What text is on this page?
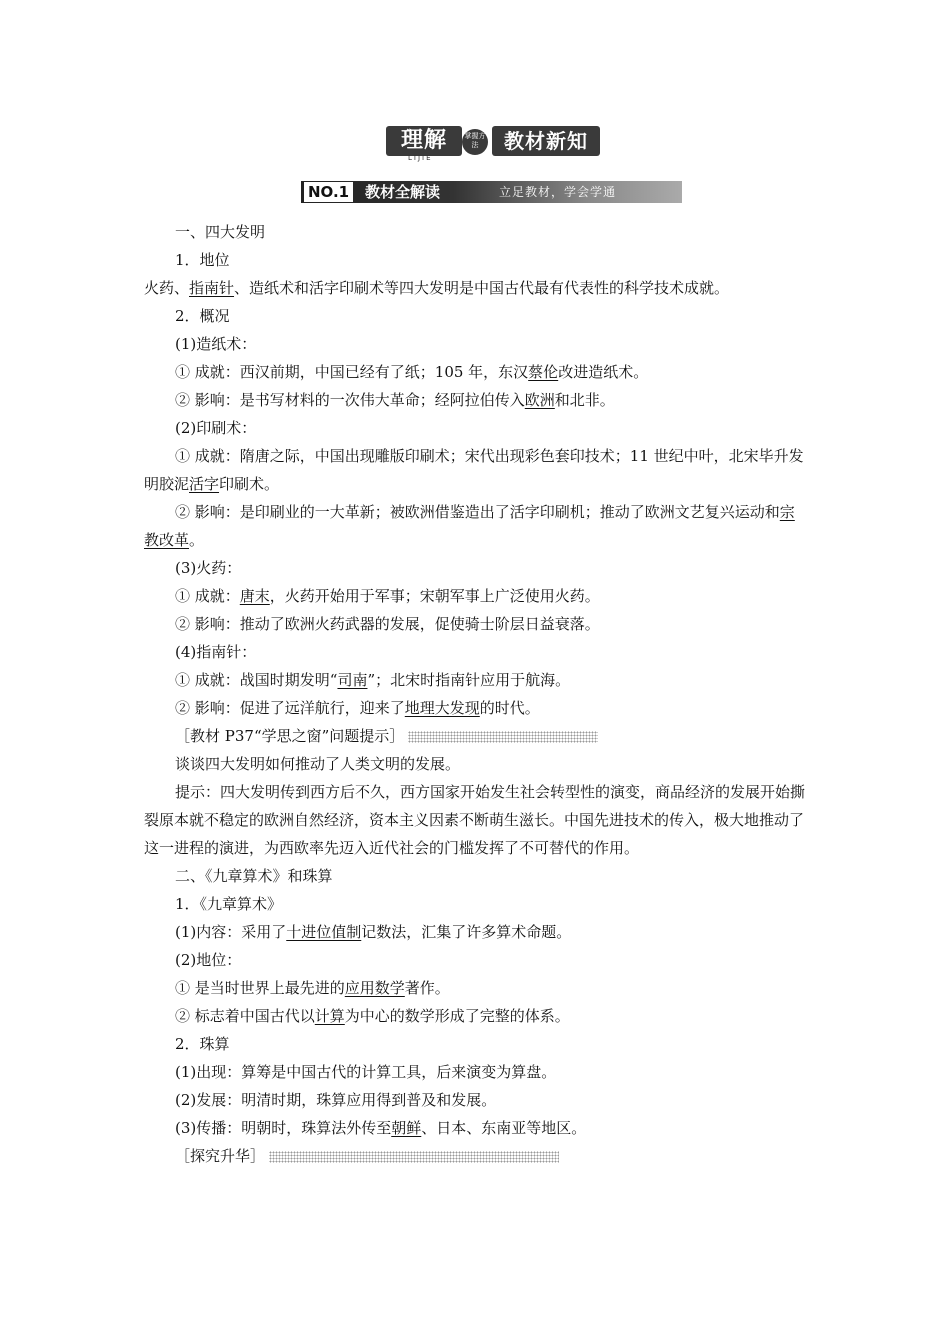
理解	掌握方法	教材新知
LIJIE
NO.1 教材全解读	立足教材，学会学通

一、四大发明

1．地位

火药、指南针、造纸术和活字印刷术等四大发明是中国古代最有代表性的科学技术成就。

2．概况

(1)造纸术：

① 成就：西汉前期，中国已经有了纸；105 年，东汉蔡伦改进造纸术。

② 影响：是书写材料的一次伟大革命；经阿拉伯传入欧洲和北非。

(2)印刷术：

① 成就：隋唐之际，中国出现雕版印刷术；宋代出现彩色套印技术；11 世纪中叶，北宋毕升发明胶泥活字印刷术。

② 影响：是印刷业的一大革新；被欧洲借鉴造出了活字印刷机；推动了欧洲文艺复兴运动和宗教改革。

(3)火药：

① 成就：唐末，火药开始用于军事；宋朝军事上广泛使用火药。

② 影响：推动了欧洲火药武器的发展，促使骑士阶层日益衰落。

(4)指南针：

① 成就：战国时期发明“司南”；北宋时指南针应用于航海。

② 影响：促进了远洋航行，迎来了地理大发现的时代。

［教材 P37“学思之窗”问题提示］

谈谈四大发明如何推动了人类文明的发展。

提示：四大发明传到西方后不久，西方国家开始发生社会转型性的演变，商品经济的发展开始撕裂原本就不稳定的欧洲自然经济，资本主义因素不断萌生滋长。中国先进技术的传入，极大地推动了这一进程的演进，为西欧率先迈入近代社会的门槛发挥了不可替代的作用。

二、《九章算术》和珠算

1．《九章算术》

(1)内容：采用了十进位值制记数法，汇集了许多算术命题。

(2)地位：

① 是当时世界上最先进的应用数学著作。

② 标志着中国古代以计算为中心的数学形成了完整的体系。

2．珠算

(1)出现：算筹是中国古代的计算工具，后来演变为算盘。

(2)发展：明清时期，珠算应用得到普及和发展。

(3)传播：明朝时，珠算法外传至朝鲜、日本、东南亚等地区。

［探究升华］
